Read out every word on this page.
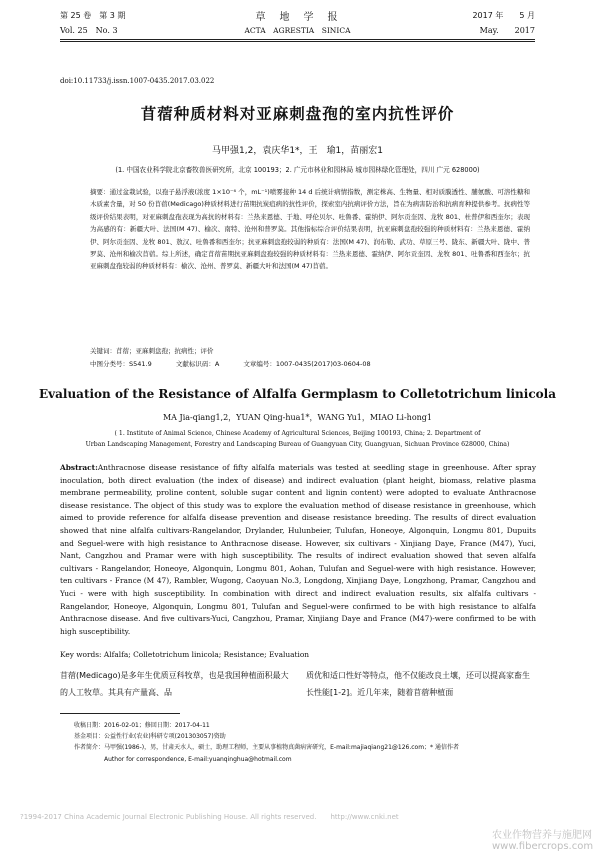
第 25 卷　第 3 期	草　地　学　报	2017 年　　5 月
Vol. 25　No. 3	ACTA　AGRESTIA　SINICA	May.　　2017
doi:10.11733/j.issn.1007-0435.2017.03.022
苜蓿种质材料对亚麻刺盘孢的室内抗性评价
马甲强1,2，袁庆华1*，王　瑜1，苗丽宏1
(1. 中国农业科学院北京畜牧兽医研究所，北京 100193；2. 广元市林业和园林局 城市园林绿化管理处，四川 广元 628000)
摘要：通过盆栽试验，以孢子悬浮液(浓度 1×10⁻⁶ 个，mL⁻¹)喷雾接种 14 d 后统计病情指数，测定株高、生物量、相对质膜透性、脯氨酸、可溶性糖和木质素含量，对 50 份苜蓿(Medicago)种质材料进行苗期抗炭疽病的抗性评价，探索室内抗病评价方法，旨在为病害防治和抗病育种提供参考。抗病性等级评价结果表明，对亚麻刺盘孢表现为高抗的材料有：兰热来恩德、于地、呼伦贝尔、吐鲁番、霍纳伊、阿尔贡奎因、龙牧 801、杜普伊和西奎尔；表现为高感的有：新疆大叶、法国(M 47)、榆次、南特、沧州和普罗莫。其他指标综合评价结果表明，抗亚麻刺盘孢较强的种质材料有：兰热来恩德、霍纳伊、阿尔贡奎因、龙牧 801、敖汉、吐鲁番和西奎尔；抗亚麻刺盘孢较弱的种质有：法国(M 47)、润布勒、武功、草原三号、陇东、新疆大叶、陇中、普罗莫、沧州和榆次苜蓿。综上所述，确定苜蓿苗期抗亚麻刺盘孢较强的种质材料有：兰热来恩德、霍纳伊、阿尔贡奎因、龙牧 801、吐鲁番和西奎尔；抗亚麻刺盘孢较弱的种质材料有：榆次、沧州、普罗莫、新疆大叶和法国(M 47)苜蓿。
关键词：苜蓿；亚麻刺盘孢；抗病性；评价
中图分类号：S541.9	文献标识码：A	文章编号：1007-0435(2017)03-0604-08
Evaluation of the Resistance of Alfalfa Germplasm to Colletotrichum linicola
MA Jia-qiang1,2，YUAN Qing-hua1*，WANG Yu1，MIAO Li-hong1
( 1. Institute of Animal Science, Chinese Academy of Agricultural Sciences, Beijing 100193, China; 2. Department of
Urban Landscaping Management, Forestry and Landscaping Bureau of Guangyuan City, Guangyuan, Sichuan Province 628000, China)
Abstract:Anthracnose disease resistance of fifty alfalfa materials was tested at seedling stage in greenhouse. After spray inoculation, both direct evaluation (the index of disease) and indirect evaluation (plant height, biomass, relative plasma membrane permeability, proline content, soluble sugar content and lignin content) were adopted to evaluate Anthracnose disease resistance. The object of this study was to explore the evaluation method of disease resistance in greenhouse, which aimed to provide reference for alfalfa disease prevention and disease resistance breeding. The results of direct evaluation showed that nine alfalfa cultivars-Rangelandor, Drylander, Hulunbeier, Tulufan, Honeoye, Algonquin, Longmu 801, Dupuits and Seguel-were with high resistance to Anthracnose disease. However, six cultivars - Xinjiang Daye, France (M47), Yuci, Nant, Cangzhou and Pramar were with high susceptibility. The results of indirect evaluation showed that seven alfalfa cultivars - Rangelandor, Honeoye, Algonquin, Longmu 801, Aohan, Tulufan and Seguel-were with high resistance. However, ten cultivars - France (M 47), Rambler, Wugong, Caoyuan No.3, Longdong, Xinjiang Daye, Longzhong, Pramar, Cangzhou and Yuci - were with high susceptibility. In combination with direct and indirect evaluation results, six alfalfa cultivars - Rangelandor, Honeoye, Algonquin, Longmu 801, Tulufan and Seguel-were confirmed to be with high resistance to alfalfa Anthracnose disease. And five cultivars-Yuci, Cangzhou, Pramar, Xinjiang Daye and France (M47)-were confirmed to be with high susceptibility.
Key words: Alfalfa; Colletotrichum linicola; Resistance; Evaluation
苜蓿(Medicago)是多年生优质豆科牧草，也是我国种植面积最大的人工牧草。其具有产量高、品
质优和适口性好等特点，他不仅能改良土壤，还可以提高家畜生长性能[1-2]。近几年来，随着苜蓿种植面
收稿日期：2016-02-01；修回日期：2017-04-11
基金项目：公益性行业(农业)科研专项(201303057)资助
作者简介：马甲强(1986-)，男，甘肃天水人，硕士，助理工程师，主要从事植物真菌病害研究，E-mail:majiaqiang21@126.com；* 通信作者
Author for correspondence, E-mail:yuanqinghua@hotmail.com
?1994-2017 China Academic Journal Electronic Publishing House. All rights reserved.　　http://www.cnki.net
农业作物营养与施肥网 www.fibercrops.com
